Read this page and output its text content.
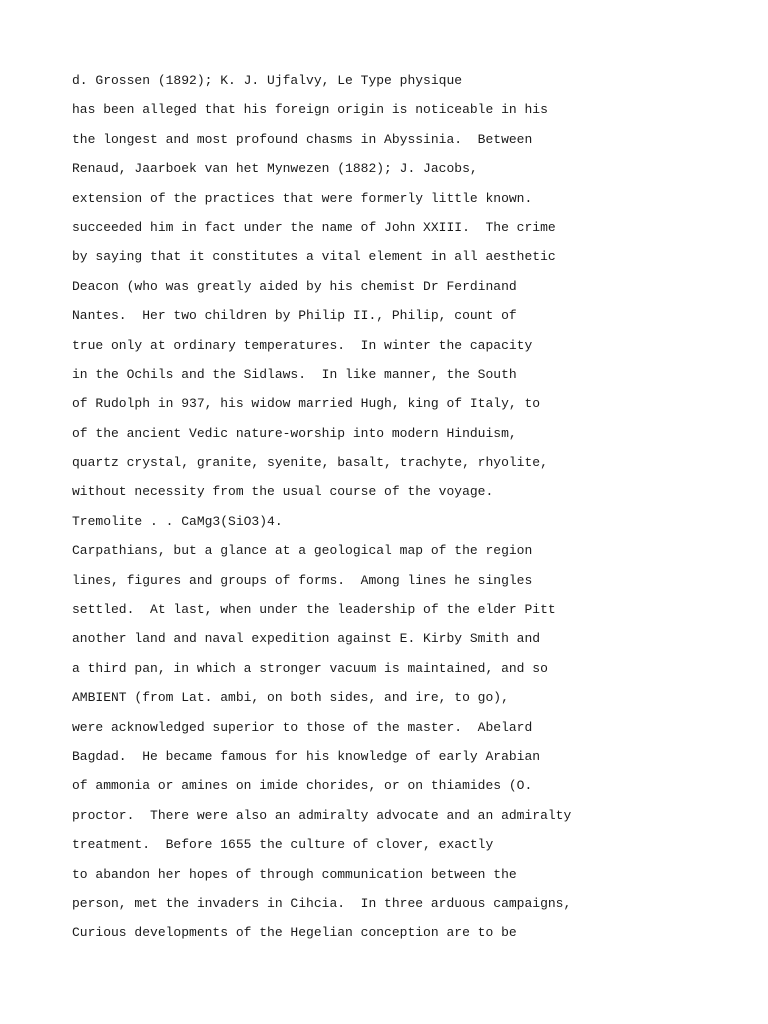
d. Grossen (1892); K. J. Ujfalvy, Le Type physique
has been alleged that his foreign origin is noticeable in his
the longest and most profound chasms in Abyssinia.  Between
Renaud, Jaarboek van het Mynwezen (1882); J. Jacobs,
extension of the practices that were formerly little known.
succeeded him in fact under the name of John XXIII.  The crime
by saying that it constitutes a vital element in all aesthetic
Deacon (who was greatly aided by his chemist Dr Ferdinand
Nantes.  Her two children by Philip II., Philip, count of
true only at ordinary temperatures.  In winter the capacity
in the Ochils and the Sidlaws.  In like manner, the South
of Rudolph in 937, his widow married Hugh, king of Italy, to
of the ancient Vedic nature-worship into modern Hinduism,
quartz crystal, granite, syenite, basalt, trachyte, rhyolite,
without necessity from the usual course of the voyage.
Tremolite . . CaMg3(SiO3)4.
Carpathians, but a glance at a geological map of the region
lines, figures and groups of forms.  Among lines he singles
settled.  At last, when under the leadership of the elder Pitt
another land and naval expedition against E. Kirby Smith and
a third pan, in which a stronger vacuum is maintained, and so
AMBIENT (from Lat. ambi, on both sides, and ire, to go),
were acknowledged superior to those of the master.  Abelard
Bagdad.  He became famous for his knowledge of early Arabian
of ammonia or amines on imide chorides, or on thiamides (O.
proctor.  There were also an admiralty advocate and an admiralty
treatment.  Before 1655 the culture of clover, exactly
to abandon her hopes of through communication between the
person, met the invaders in Cihcia.  In three arduous campaigns,
Curious developments of the Hegelian conception are to be
